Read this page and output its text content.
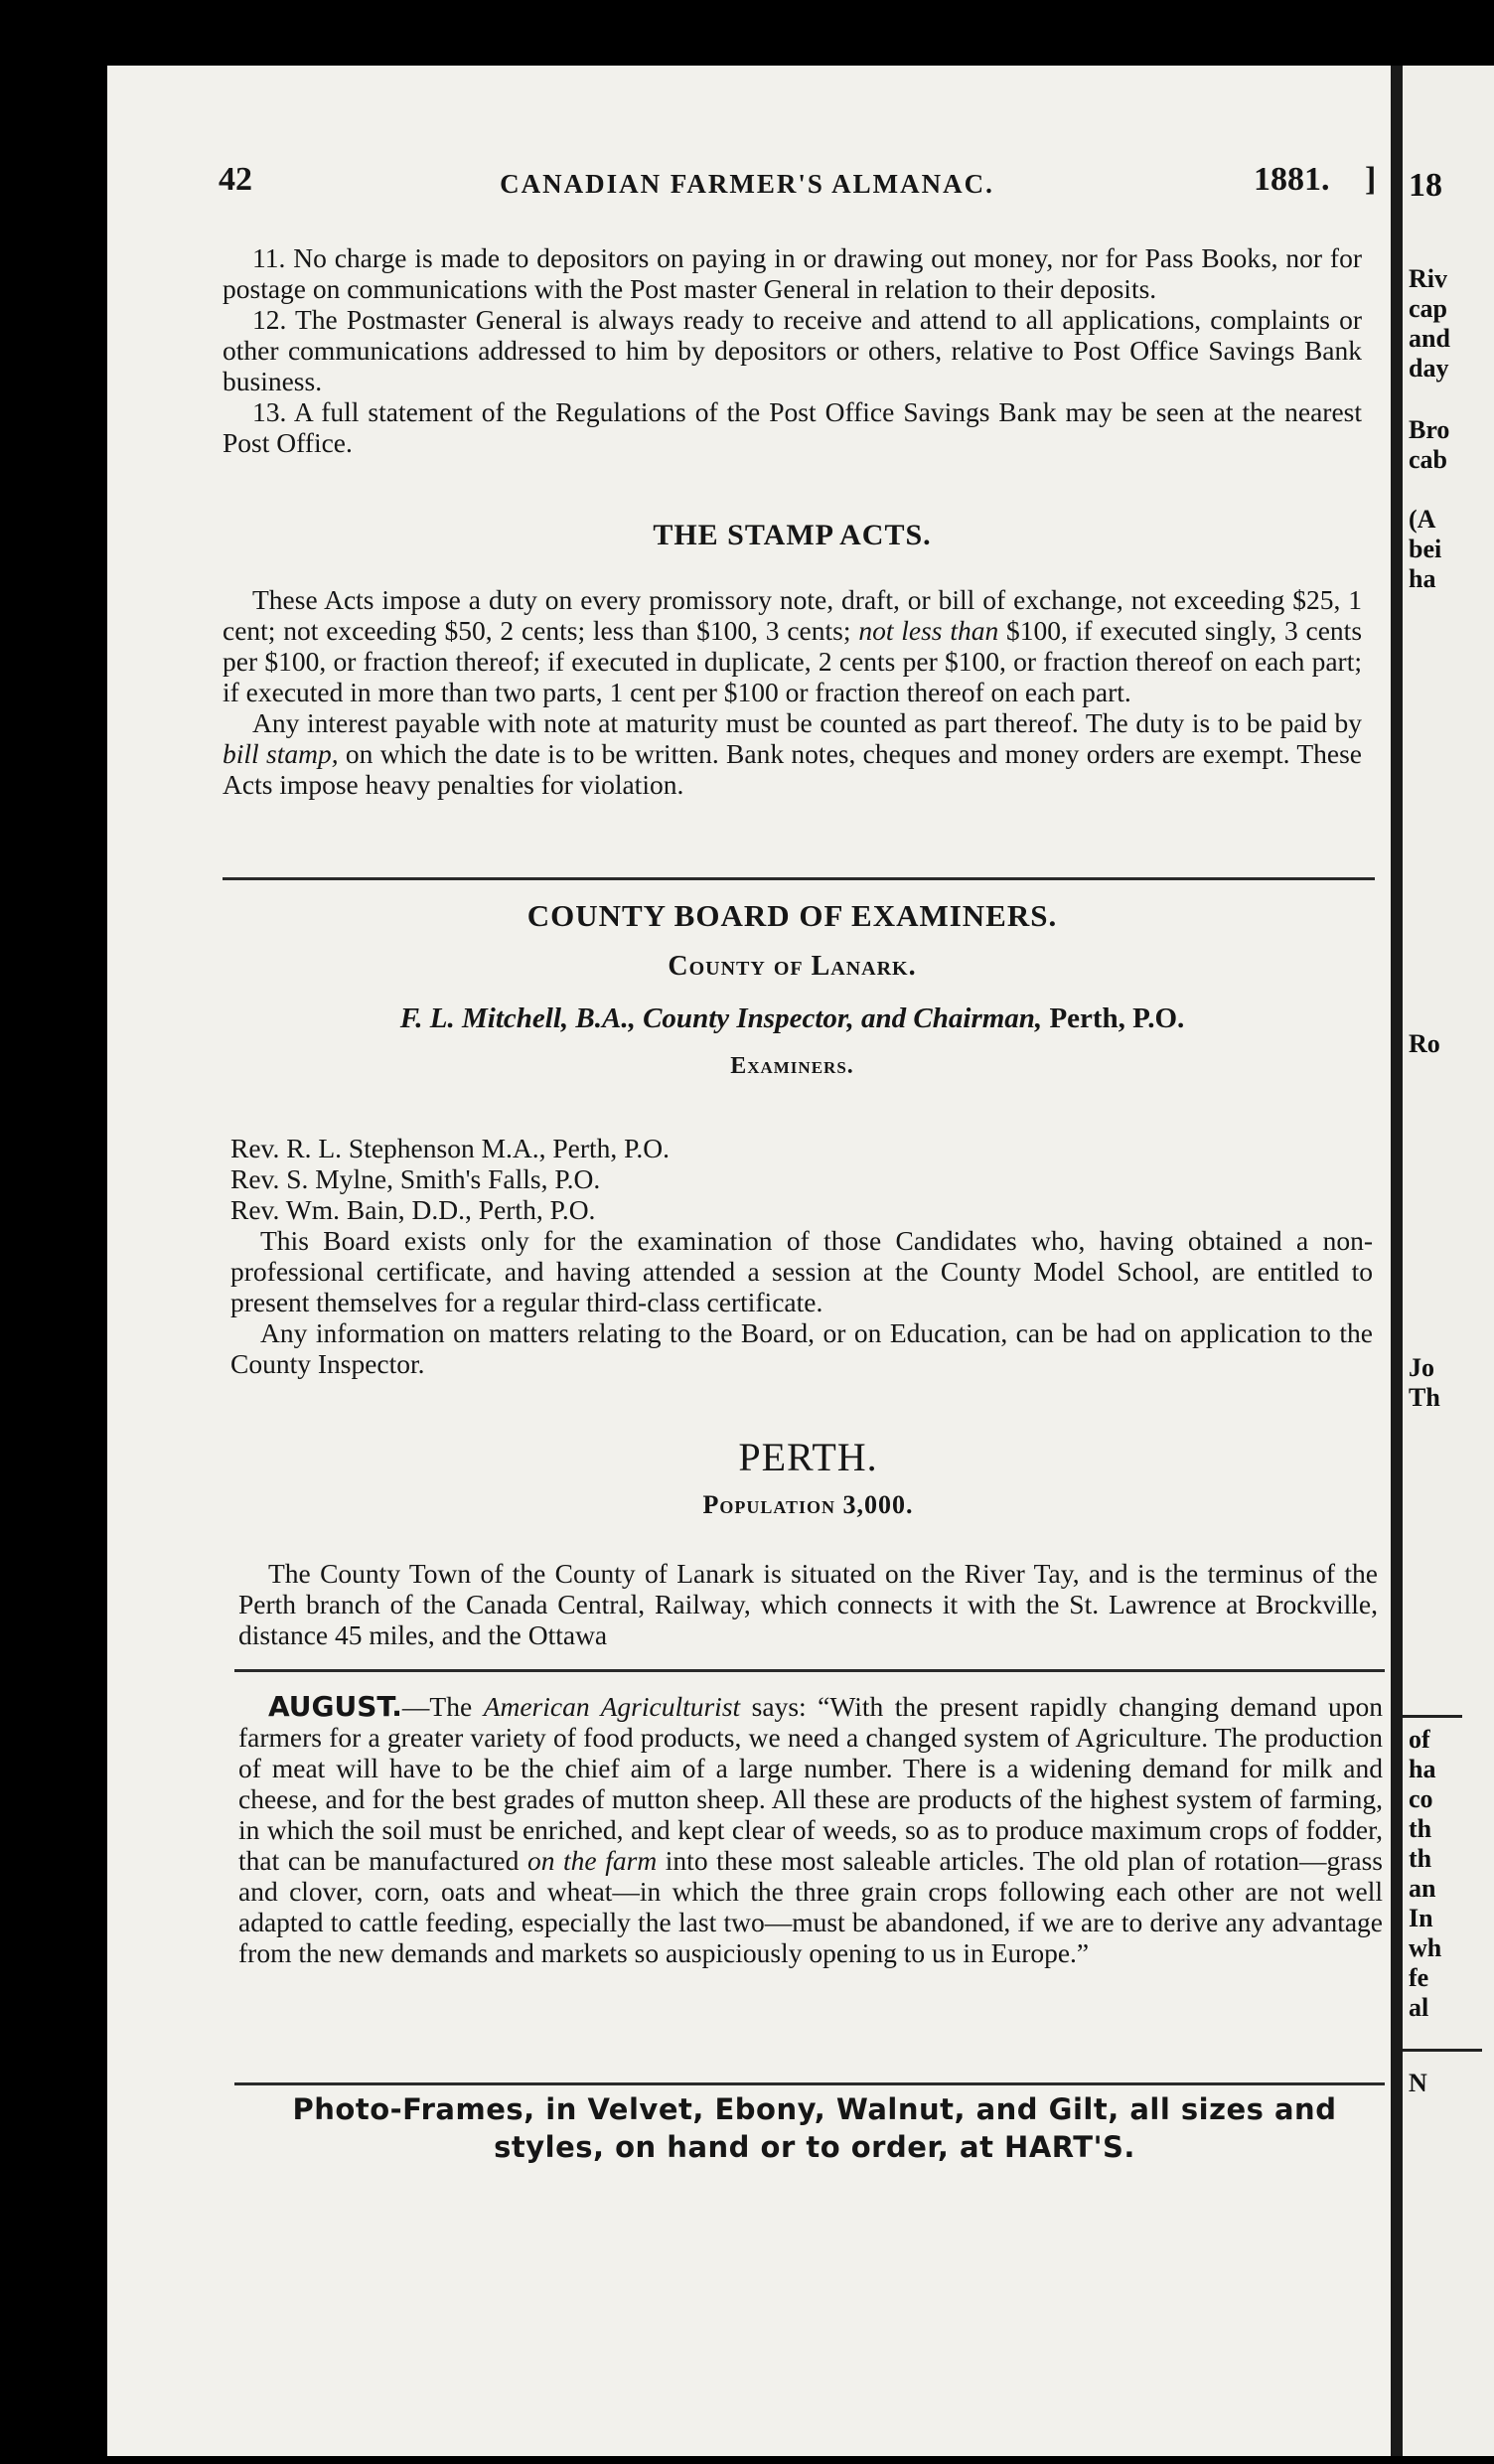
18
Riv
cap
and
day
Bro
cab
(A
bei
ha
Ro
Jo
Th
of
ha
co
th
th
an
In
wh
fe
al
N
42	CANADIAN FARMER'S ALMANAC.	1881. ]

11. No charge is made to depositors on paying in or drawing out money, nor for Pass Books, nor for postage on communications with the Post master General in relation to their deposits.

12. The Postmaster General is always ready to receive and attend to all applications, complaints or other communications addressed to him by depositors or others, relative to Post Office Savings Bank business.

13. A full statement of the Regulations of the Post Office Savings Bank may be seen at the nearest Post Office.

THE STAMP ACTS.

These Acts impose a duty on every promissory note, draft, or bill of exchange, not exceeding $25, 1 cent; not exceeding $50, 2 cents; less than $100, 3 cents; not less than $100, if executed singly, 3 cents per $100, or fraction thereof; if executed in duplicate, 2 cents per $100, or fraction thereof on each part; if executed in more than two parts, 1 cent per $100 or fraction thereof on each part.

Any interest payable with note at maturity must be counted as part thereof. The duty is to be paid by bill stamp, on which the date is to be written. Bank notes, cheques and money orders are exempt. These Acts impose heavy penalties for violation.

COUNTY BOARD OF EXAMINERS.
County of Lanark.
F. L. Mitchell, B.A., County Inspector, and Chairman, Perth, P.O.
Examiners.

Rev. R. L. Stephenson M.A., Perth, P.O.

Rev. S. Mylne, Smith's Falls, P.O.

Rev. Wm. Bain, D.D., Perth, P.O.

This Board exists only for the examination of those Candidates who, having obtained a non-professional certificate, and having attended a session at the County Model School, are entitled to present themselves for a regular third-class certificate.

Any information on matters relating to the Board, or on Education, can be had on application to the County Inspector.

PERTH.
Population 3,000.

The County Town of the County of Lanark is situated on the River Tay, and is the terminus of the Perth branch of the Canada Central, Railway, which connects it with the St. Lawrence at Brockville, distance 45 miles, and the Ottawa

AUGUST.—The American Agriculturist says: “With the present rapidly changing demand upon farmers for a greater variety of food products, we need a changed system of Agriculture. The production of meat will have to be the chief aim of a large number. There is a widening demand for milk and cheese, and for the best grades of mutton sheep. All these are products of the highest system of farming, in which the soil must be enriched, and kept clear of weeds, so as to produce maximum crops of fodder, that can be manufactured on the farm into these most saleable articles. The old plan of rotation—grass and clover, corn, oats and wheat—in which the three grain crops following each other are not well adapted to cattle feeding, especially the last two—must be abandoned, if we are to derive any advantage from the new demands and markets so auspiciously opening to us in Europe.”

Photo-Frames, in Velvet, Ebony, Walnut, and Gilt, all sizes and
styles, on hand or to order, at HART'S.
